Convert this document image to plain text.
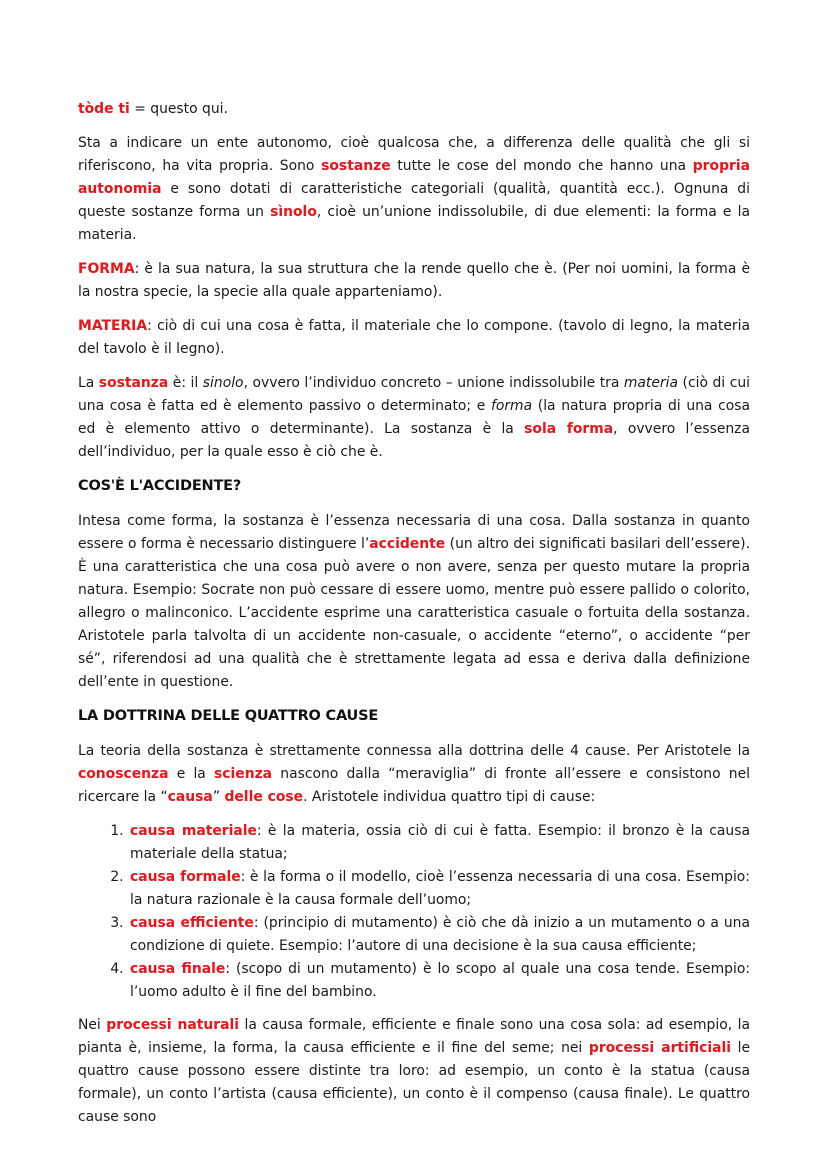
tòde ti = questo qui.

Sta a indicare un ente autonomo, cioè qualcosa che, a differenza delle qualità che gli si riferiscono, ha vita propria. Sono sostanze tutte le cose del mondo che hanno una propria autonomia e sono dotati di caratteristiche categoriali (qualità, quantità ecc.). Ognuna di queste sostanze forma un sìnolo, cioè un’unione indissolubile, di due elementi: la forma e la materia.

FORMA: è la sua natura, la sua struttura che la rende quello che è. (Per noi uomini, la forma è la nostra specie, la specie alla quale apparteniamo).

MATERIA: ciò di cui una cosa è fatta, il materiale che lo compone. (tavolo di legno, la materia del tavolo è il legno).

La sostanza è: il sinolo, ovvero l’individuo concreto – unione indissolubile tra materia (ciò di cui una cosa è fatta ed è elemento passivo o determinato; e forma (la natura propria di una cosa ed è elemento attivo o determinante). La sostanza è la sola forma, ovvero l’essenza dell’individuo, per la quale esso è ciò che è.

COS'È L'ACCIDENTE?

Intesa come forma, la sostanza è l’essenza necessaria di una cosa. Dalla sostanza in quanto essere o forma è necessario distinguere l’accidente (un altro dei significati basilari dell’essere). È una caratteristica che una cosa può avere o non avere, senza per questo mutare la propria natura. Esempio: Socrate non può cessare di essere uomo, mentre può essere pallido o colorito, allegro o malinconico. L’accidente esprime una caratteristica casuale o fortuita della sostanza. Aristotele parla talvolta di un accidente non-casuale, o accidente “eterno”, o accidente “per sé”, riferendosi ad una qualità che è strettamente legata ad essa e deriva dalla definizione dell’ente in questione.

LA DOTTRINA DELLE QUATTRO CAUSE

La teoria della sostanza è strettamente connessa alla dottrina delle 4 cause. Per Aristotele la conoscenza e la scienza nascono dalla “meraviglia” di fronte all’essere e consistono nel ricercare la “causa” delle cose. Aristotele individua quattro tipi di cause:

1. causa materiale: è la materia, ossia ciò di cui è fatta. Esempio: il bronzo è la causa materiale della statua;
2. causa formale: è la forma o il modello, cioè l’essenza necessaria di una cosa. Esempio: la natura razionale è la causa formale dell’uomo;
3. causa efficiente: (principio di mutamento) è ciò che dà inizio a un mutamento o a una condizione di quiete. Esempio: l’autore di una decisione è la sua causa efficiente;
4. causa finale: (scopo di un mutamento) è lo scopo al quale una cosa tende. Esempio: l’uomo adulto è il fine del bambino.

Nei processi naturali la causa formale, efficiente e finale sono una cosa sola: ad esempio, la pianta è, insieme, la forma, la causa efficiente e il fine del seme; nei processi artificiali le quattro cause possono essere distinte tra loro: ad esempio, un conto è la statua (causa formale), un conto l’artista (causa efficiente), un conto è il compenso (causa finale). Le quattro cause sono
